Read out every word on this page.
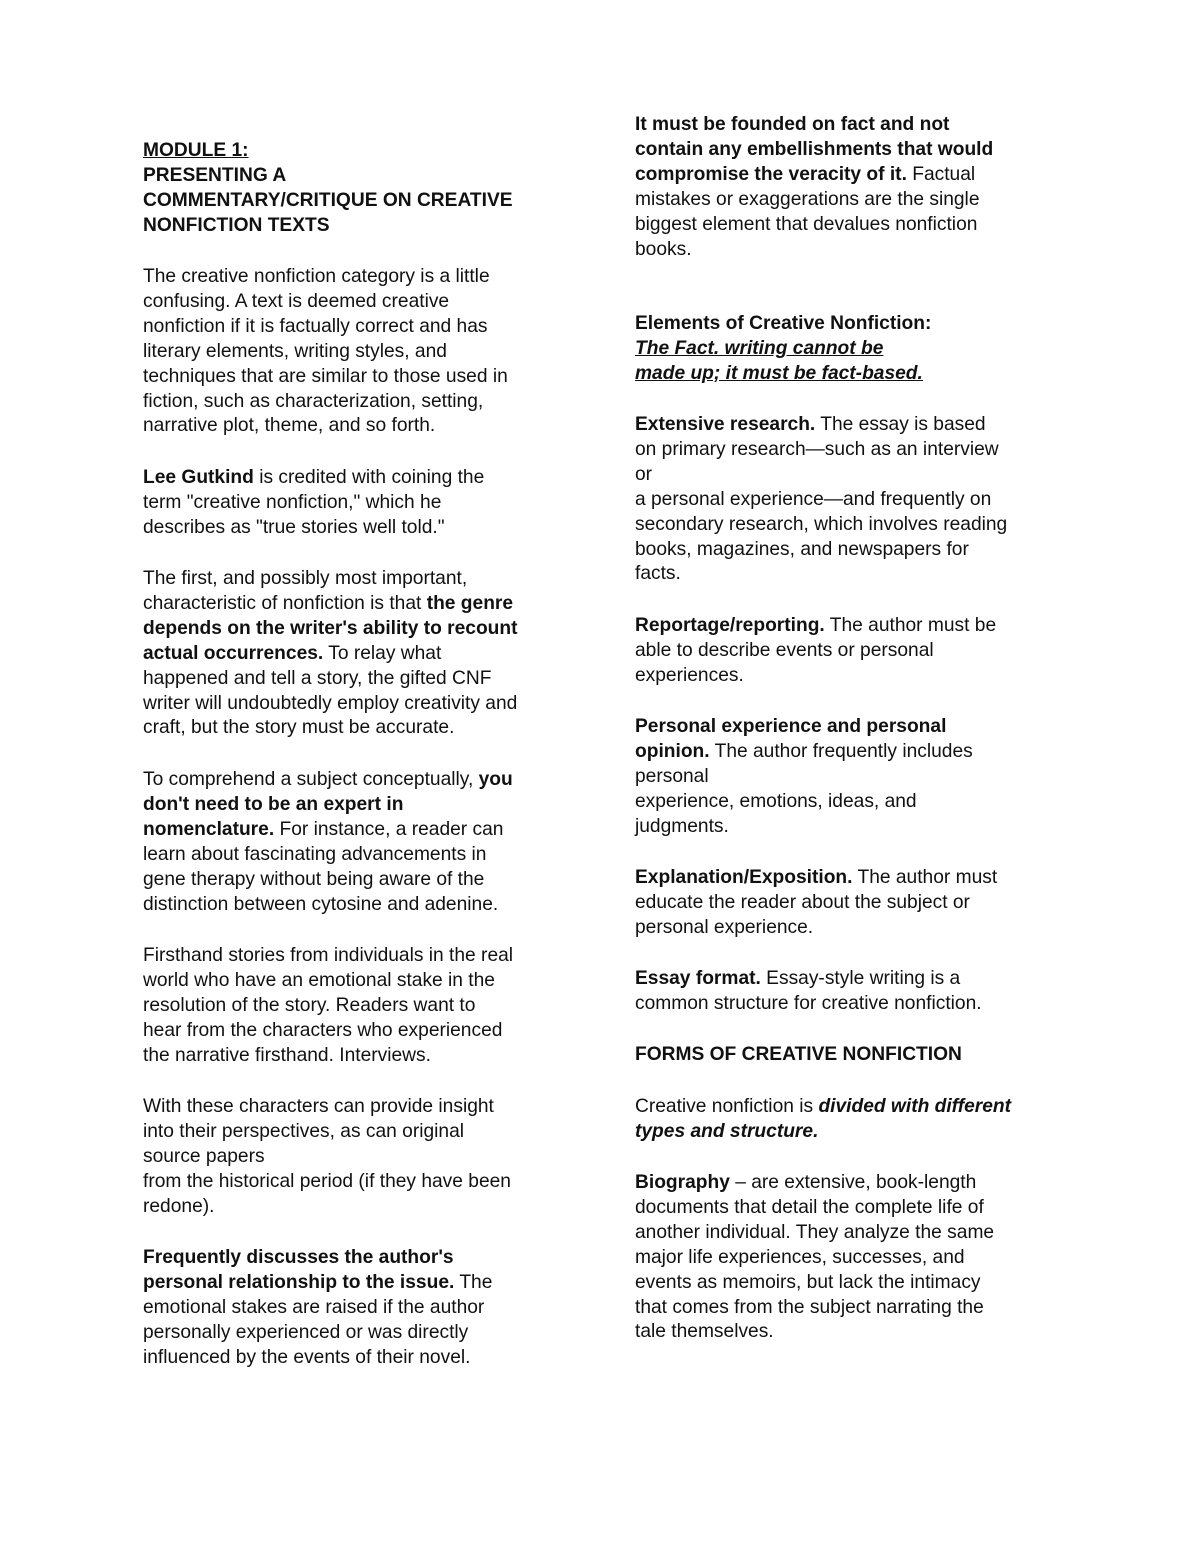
MODULE 1:
PRESENTING A
COMMENTARY/CRITIQUE ON CREATIVE
NONFICTION TEXTS
The creative nonfiction category is a little
confusing. A text is deemed creative
nonfiction if it is factually correct and has
literary elements, writing styles, and
techniques that are similar to those used in
fiction, such as characterization, setting,
narrative plot, theme, and so forth.
Lee Gutkind is credited with coining the
term "creative nonfiction," which he
describes as "true stories well told."
The first, and possibly most important,
characteristic of nonfiction is that the genre
depends on the writer's ability to recount
actual occurrences. To relay what
happened and tell a story, the gifted CNF
writer will undoubtedly employ creativity and
craft, but the story must be accurate.
To comprehend a subject conceptually, you
don't need to be an expert in
nomenclature. For instance, a reader can
learn about fascinating advancements in
gene therapy without being aware of the
distinction between cytosine and adenine.
Firsthand stories from individuals in the real
world who have an emotional stake in the
resolution of the story. Readers want to
hear from the characters who experienced
the narrative firsthand. Interviews.
With these characters can provide insight
into their perspectives, as can original
source papers
from the historical period (if they have been
redone).
Frequently discusses the author's
personal relationship to the issue. The
emotional stakes are raised if the author
personally experienced or was directly
influenced by the events of their novel.
It must be founded on fact and not
contain any embellishments that would
compromise the veracity of it. Factual
mistakes or exaggerations are the single
biggest element that devalues nonfiction
books.
Elements of Creative Nonfiction:
The Fact. writing cannot be
made up; it must be fact-based.
Extensive research. The essay is based
on primary research—such as an interview
or
a personal experience—and frequently on
secondary research, which involves reading
books, magazines, and newspapers for
facts.
Reportage/reporting. The author must be
able to describe events or personal
experiences.
Personal experience and personal
opinion. The author frequently includes
personal
experience, emotions, ideas, and
judgments.
Explanation/Exposition. The author must
educate the reader about the subject or
personal experience.
Essay format. Essay-style writing is a
common structure for creative nonfiction.
FORMS OF CREATIVE NONFICTION
Creative nonfiction is divided with different
types and structure.
Biography – are extensive, book-length
documents that detail the complete life of
another individual. They analyze the same
major life experiences, successes, and
events as memoirs, but lack the intimacy
that comes from the subject narrating the
tale themselves.
